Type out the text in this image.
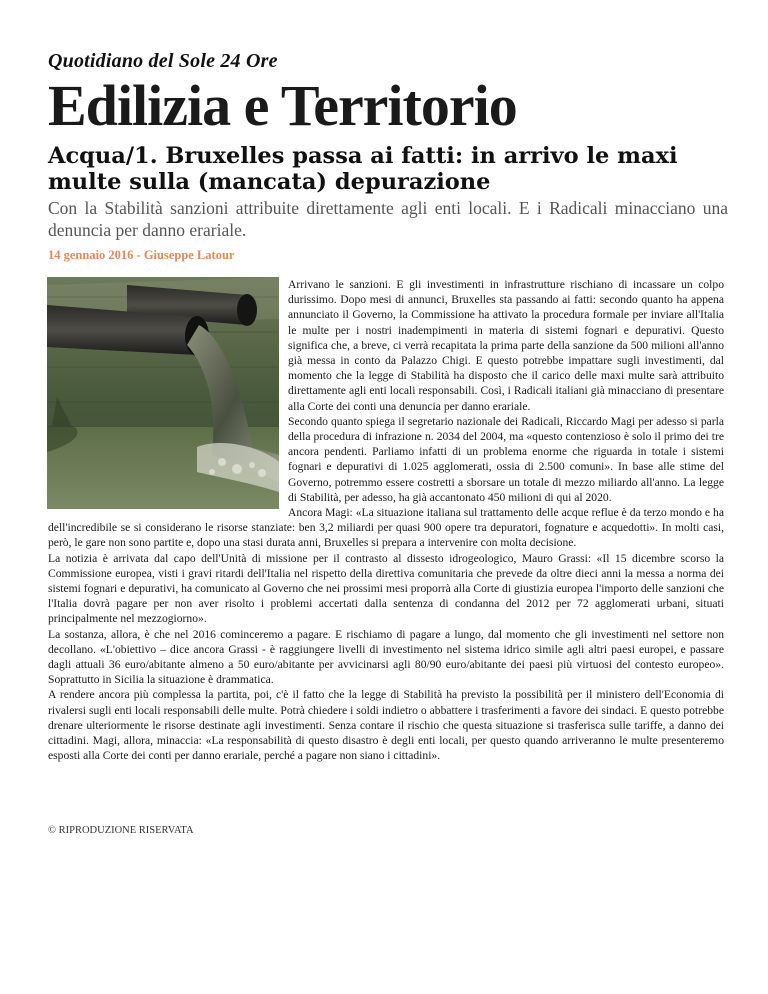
Quotidiano del Sole 24 Ore
Edilizia e Territorio
Acqua/1. Bruxelles passa ai fatti: in arrivo le maxi multe sulla (mancata) depurazione
Con la Stabilità sanzioni attribuite direttamente agli enti locali. E i Radicali minacciano una denuncia per danno erariale.
14 gennaio 2016 - Giuseppe Latour

Arrivano le sanzioni. E gli investimenti in infrastrutture rischiano di incassare un colpo durissimo. Dopo mesi di annunci, Bruxelles sta passando ai fatti: secondo quanto ha appena annunciato il Governo, la Commissione ha attivato la procedura formale per inviare all'Italia le multe per i nostri inadempimenti in materia di sistemi fognari e depurativi. Questo significa che, a breve, ci verrà recapitata la prima parte della sanzione da 500 milioni all'anno già messa in conto da Palazzo Chigi. E questo potrebbe impattare sugli investimenti, dal momento che la legge di Stabilità ha disposto che il carico delle maxi multe sarà attribuito direttamente agli enti locali responsabili. Così, i Radicali italiani già minacciano di presentare alla Corte dei conti una denuncia per danno erariale.

Secondo quanto spiega il segretario nazionale dei Radicali, Riccardo Magi per adesso si parla della procedura di infrazione n. 2034 del 2004, ma «questo contenzioso è solo il primo dei tre ancora pendenti. Parliamo infatti di un problema enorme che riguarda in totale i sistemi fognari e depurativi di 1.025 agglomerati, ossia di 2.500 comuni». In base alle stime del Governo, potremmo essere costretti a sborsare un totale di mezzo miliardo all'anno. La legge di Stabilità, per adesso, ha già accantonato 450 milioni di qui al 2020.

Ancora Magi: «La situazione italiana sul trattamento delle acque reflue è da terzo mondo e ha dell'incredibile se si considerano le risorse stanziate: ben 3,2 miliardi per quasi 900 opere tra depuratori, fognature e acquedotti». In molti casi, però, le gare non sono partite e, dopo una stasi durata anni, Bruxelles si prepara a intervenire con molta decisione.

La notizia è arrivata dal capo dell'Unità di missione per il contrasto al dissesto idrogeologico, Mauro Grassi: «Il 15 dicembre scorso la Commissione europea, visti i gravi ritardi dell'Italia nel rispetto della direttiva comunitaria che prevede da oltre dieci anni la messa a norma dei sistemi fognari e depurativi, ha comunicato al Governo che nei prossimi mesi proporrà alla Corte di giustizia europea l'importo delle sanzioni che l'Italia dovrà pagare per non aver risolto i problemi accertati dalla sentenza di condanna del 2012 per 72 agglomerati urbani, situati principalmente nel mezzogiorno».

La sostanza, allora, è che nel 2016 cominceremo a pagare. E rischiamo di pagare a lungo, dal momento che gli investimenti nel settore non decollano. «L'obiettivo – dice ancora Grassi - è raggiungere livelli di investimento nel sistema idrico simile agli altri paesi europei, e passare dagli attuali 36 euro/abitante almeno a 50 euro/abitante per avvicinarsi agli 80/90 euro/abitante dei paesi più virtuosi del contesto europeo». Soprattutto in Sicilia la situazione è drammatica.

A rendere ancora più complessa la partita, poi, c'è il fatto che la legge di Stabilità ha previsto la possibilità per il ministero dell'Economia di rivalersi sugli enti locali responsabili delle multe. Potrà chiedere i soldi indietro o abbattere i trasferimenti a favore dei sindaci. E questo potrebbe drenare ulteriormente le risorse destinate agli investimenti. Senza contare il rischio che questa situazione si trasferisca sulle tariffe, a danno dei cittadini. Magi, allora, minaccia: «La responsabilità di questo disastro è degli enti locali, per questo quando arriveranno le multe presenteremo esposti alla Corte dei conti per danno erariale, perché a pagare non siano i cittadini».

© RIPRODUZIONE RISERVATA
